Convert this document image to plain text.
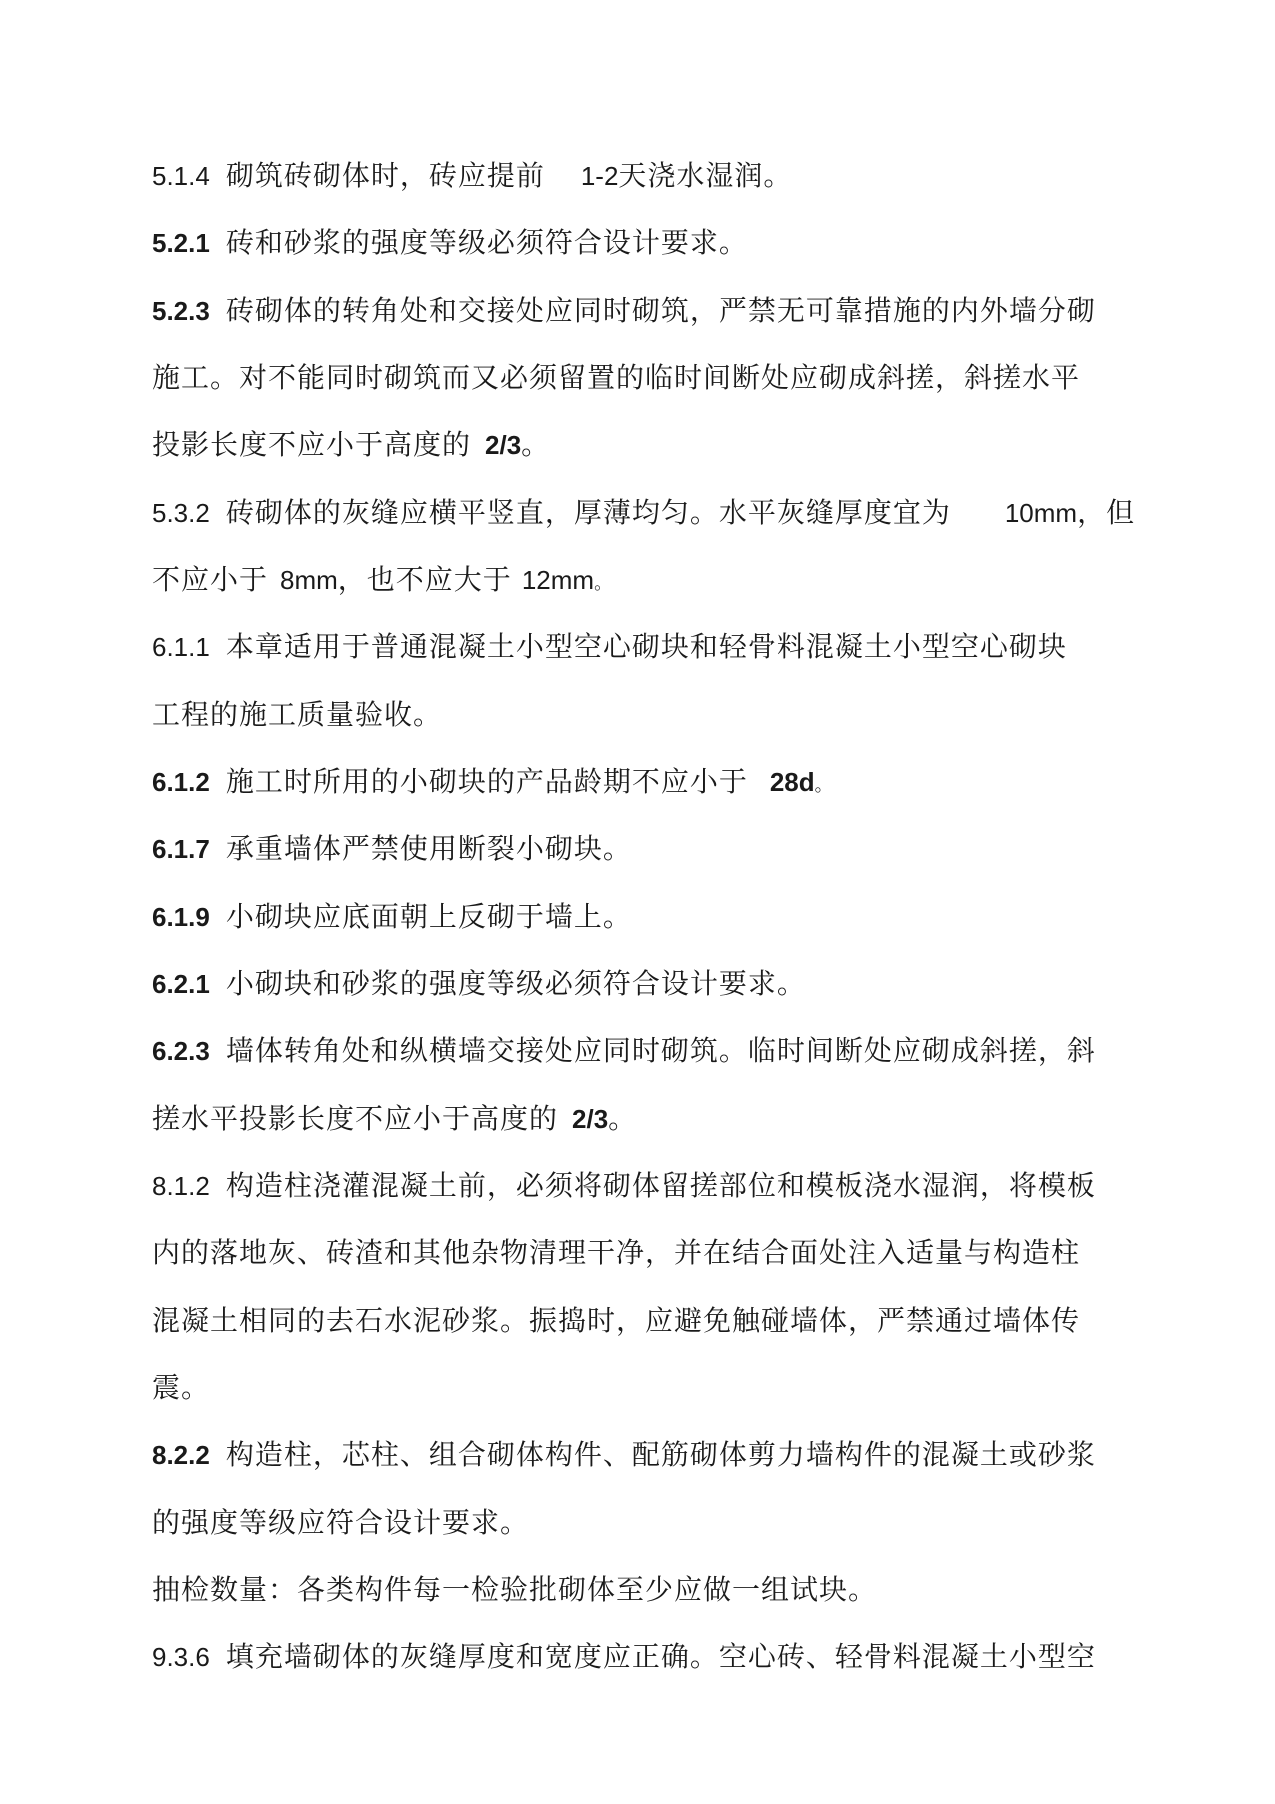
5.1.4 砌筑砖砌体时，砖应提前 1-2天浇水湿润。
5.2.1 砖和砂浆的强度等级必须符合设计要求。
5.2.3 砖砌体的转角处和交接处应同时砌筑，严禁无可靠措施的内外墙分砌
施工。对不能同时砌筑而又必须留置的临时间断处应砌成斜搓，斜搓水平
投影长度不应小于高度的 2/3。
5.3.2 砖砌体的灰缝应横平竖直，厚薄均匀。水平灰缝厚度宜为 10mm，但
不应小于 8mm，也不应大于 12mm。
6.1.1 本章适用于普通混凝土小型空心砌块和轻骨料混凝土小型空心砌块
工程的施工质量验收。
6.1.2 施工时所用的小砌块的产品龄期不应小于 28d。
6.1.7 承重墙体严禁使用断裂小砌块。
6.1.9 小砌块应底面朝上反砌于墙上。
6.2.1 小砌块和砂浆的强度等级必须符合设计要求。
6.2.3 墙体转角处和纵横墙交接处应同时砌筑。临时间断处应砌成斜搓，斜
搓水平投影长度不应小于高度的 2/3。
8.1.2 构造柱浇灌混凝土前，必须将砌体留搓部位和模板浇水湿润，将模板
内的落地灰、砖渣和其他杂物清理干净，并在结合面处注入适量与构造柱
混凝土相同的去石水泥砂浆。振捣时，应避免触碰墙体，严禁通过墙体传
震。
8.2.2 构造柱，芯柱、组合砌体构件、配筋砌体剪力墙构件的混凝土或砂浆
的强度等级应符合设计要求。
抽检数量：各类构件每一检验批砌体至少应做一组试块。
9.3.6 填充墙砌体的灰缝厚度和宽度应正确。空心砖、轻骨料混凝土小型空
